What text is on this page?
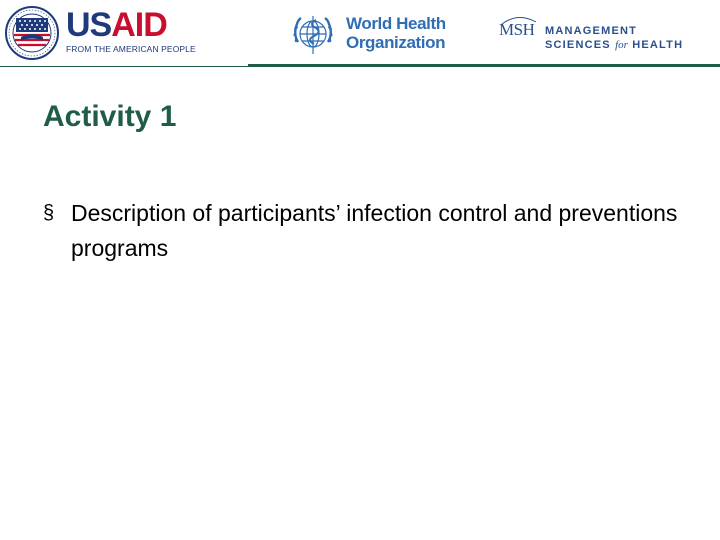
USAID
FROM THE AMERICAN PEOPLE
World Health
Organization
MSH MANAGEMENT
SCIENCES for HEALTH
Activity 1
§ Description of participants’ infection control and preventions programs
